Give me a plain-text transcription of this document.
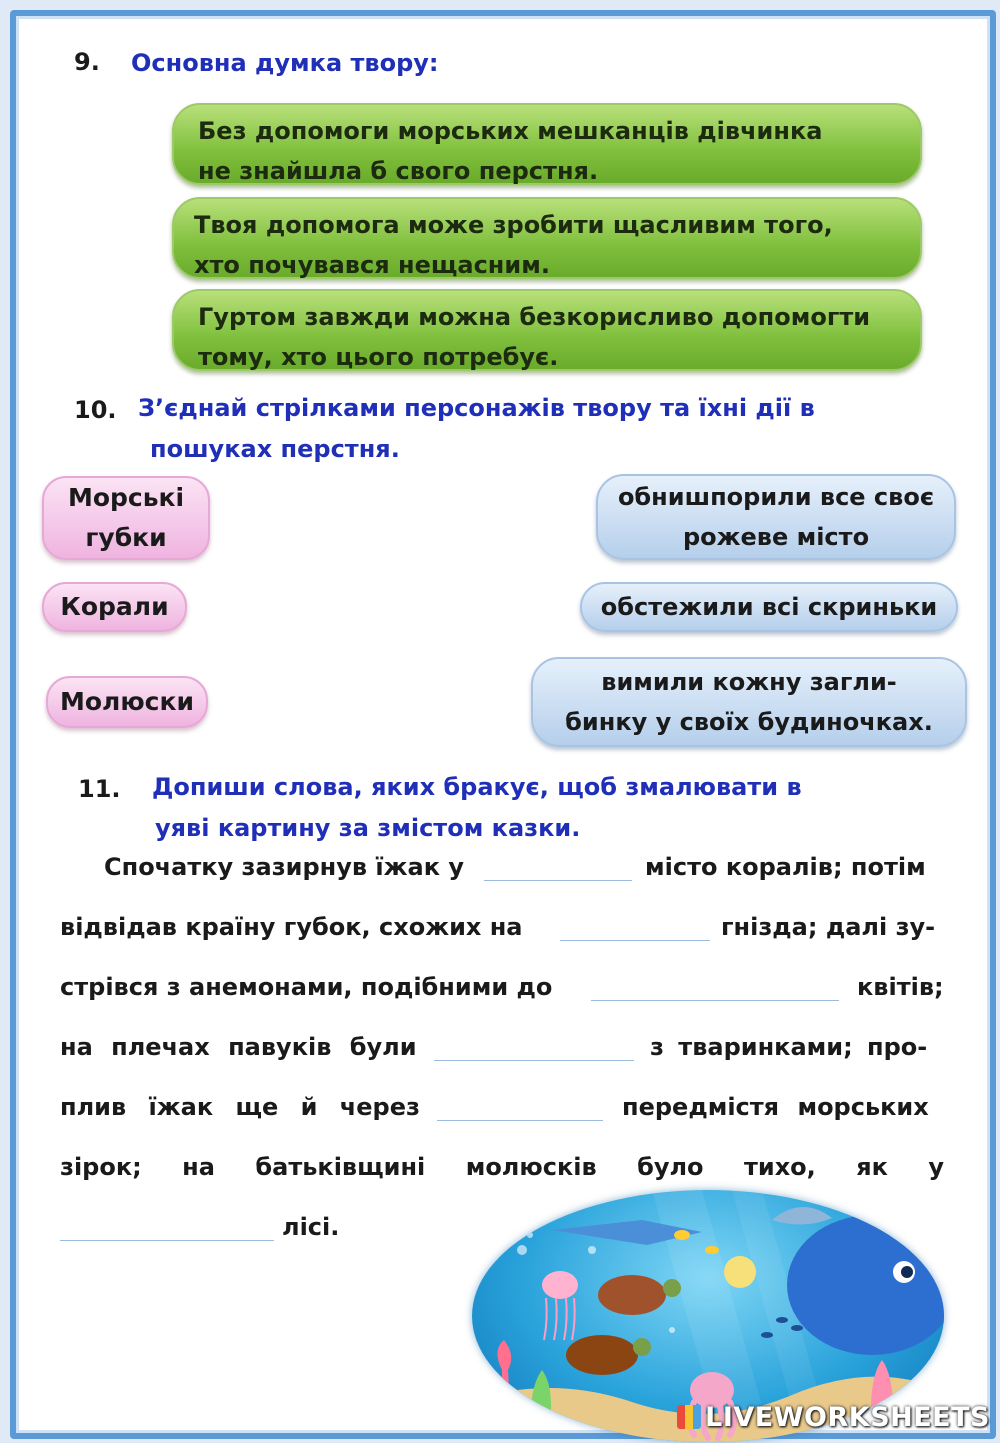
9. Основна думка твору:
Без допомоги морських мешканців дівчинка
не знайшла б свого перстня.
Твоя допомога може зробити щасливим того,
хто почувався нещасним.
Гуртом завжди можна безкорисливо допомогти
тому, хто цього потребує.
10. З’єднай стрілками персонажів твору та їхні дії в
пошуках перстня.
Морські
губки
Корали
Молюски
обнишпорили все своє
рожеве місто
обстежили всі скриньки
вимили кожну загли-
бинку у своїх будиночках.
11. Допиши слова, яких бракує, щоб змалювати в
уяві картину за змістом казки.
Спочатку зазирнув їжак у	місто коралів; потім
відвідав країну губок, схожих на	гнізда; далі зу-
стрівся з анемонами, подібними до	квітів;
на плечах павуків були	з тваринками; про-
плив їжак ще й через	передмістя морських
зірок; на батьківщині молюсків було тихо, як у
лісі.
LIVEWORKSHEETS
